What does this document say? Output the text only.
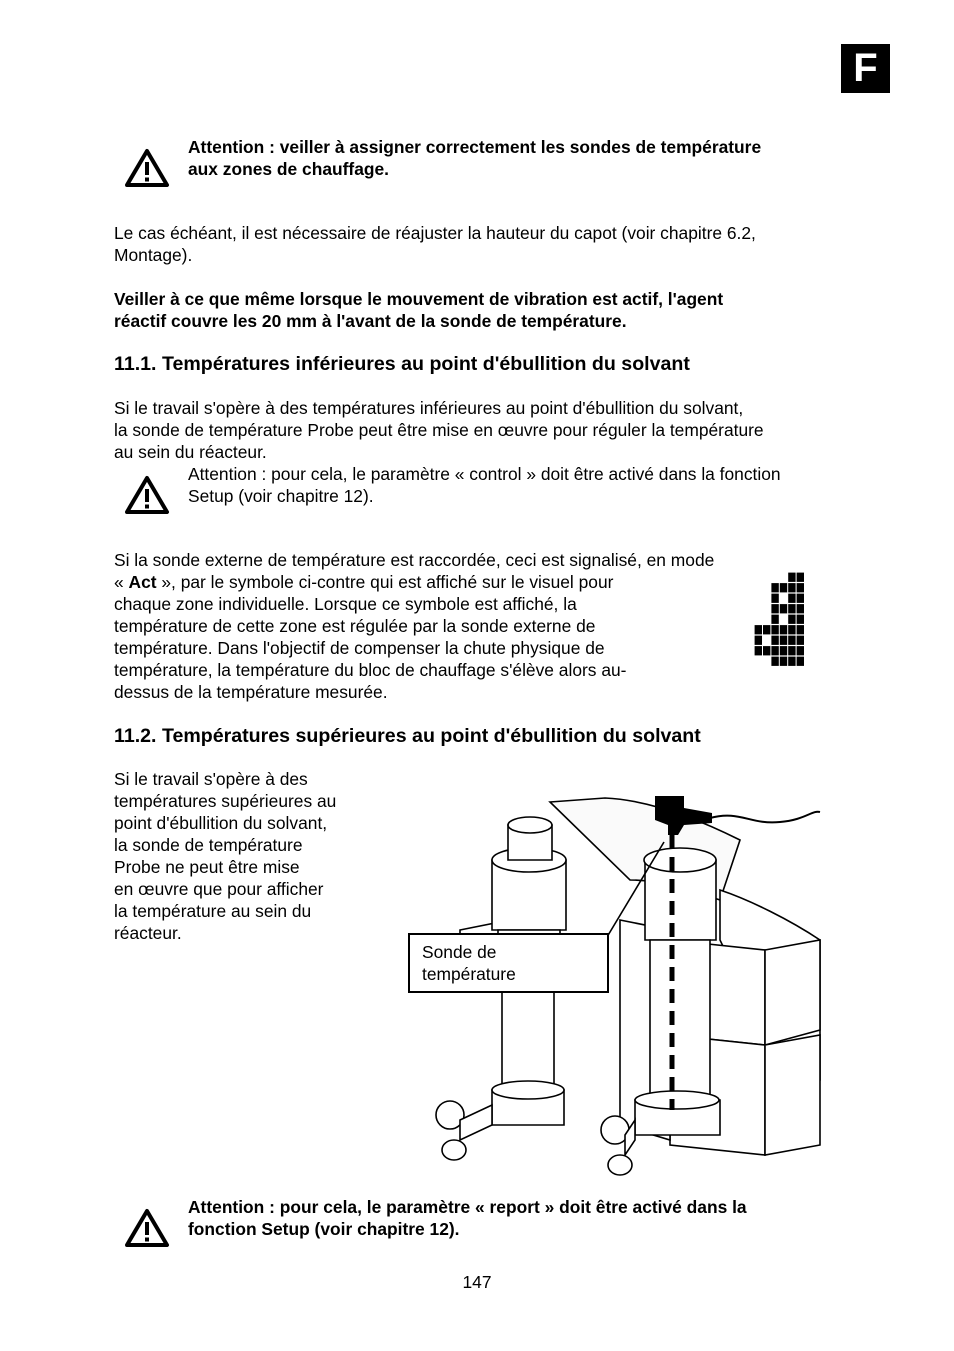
F
Attention : veiller à assigner correctement les sondes de température
aux zones de chauffage.
Le cas échéant, il est nécessaire de réajuster la hauteur du capot (voir chapitre 6.2,
Montage).
Veiller à ce que même lorsque le mouvement de vibration est actif, l'agent
réactif couvre les 20 mm à l'avant de la sonde de température.
11.1. Températures inférieures au point d'ébullition du solvant
Si le travail s'opère à des températures inférieures au point d'ébullition du solvant,
la sonde de température Probe peut être mise en œuvre pour réguler la température
au sein du réacteur.
Attention : pour cela, le paramètre « control » doit être activé dans la fonction
Setup (voir chapitre 12).
Si la sonde externe de température est raccordée, ceci est signalisé, en mode
« Act », par le symbole ci-contre qui est affiché sur le visuel pour
chaque zone individuelle. Lorsque ce symbole est affiché, la
température de cette zone est régulée par la sonde externe de
température. Dans l'objectif de compenser la chute physique de
température, la température du bloc de chauffage s'élève alors au-
dessus de la température mesurée.
11.2. Températures supérieures au point d'ébullition du solvant
Si le travail s'opère à des
températures supérieures au
point d'ébullition du solvant,
la sonde de température
Probe ne peut être mise
en œuvre que pour afficher
la température au sein du
réacteur.
Sonde de
température
Attention : pour cela, le paramètre « report » doit être activé dans la
fonction Setup (voir chapitre 12).
147
